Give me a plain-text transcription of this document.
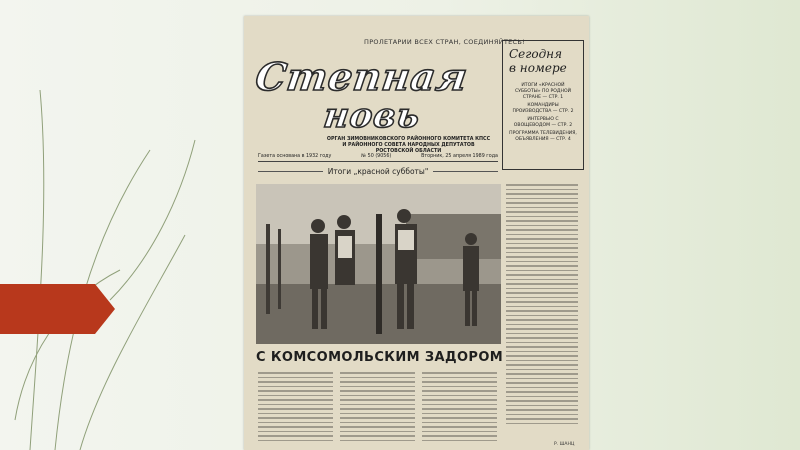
ПРОЛЕТАРИИ ВСЕХ СТРАН, СОЕДИНЯЙТЕСЬ!
Степная
новь
ОРГАН ЗИМОВНИКОВСКОГО РАЙОННОГО КОМИТЕТА КПСС И РАЙОННОГО СОВЕТА НАРОДНЫХ ДЕПУТАТОВ РОСТОВСКОЙ ОБЛАСТИ
Газета основана в 1932 году	№ 50 (9056)	Вторник, 25 апреля 1989 года
Сегодня
в номере
ИТОГИ «КРАСНОЙ СУББОТЫ» ПО РОДНОЙ СТРАНЕ — СТР. 1
КОМАНДИРЫ ПРОИЗВОДСТВА — СТР. 2
ИНТЕРВЬЮ С ОВОЩЕВОДОМ — СТР. 2
ПРОГРАММА ТЕЛЕВИДЕНИЯ, ОБЪЯВЛЕНИЯ — СТР. 4
Итоги „красной субботы"
С КОМСОМОЛЬСКИМ ЗАДОРОМ
Р. ШАНЦ
